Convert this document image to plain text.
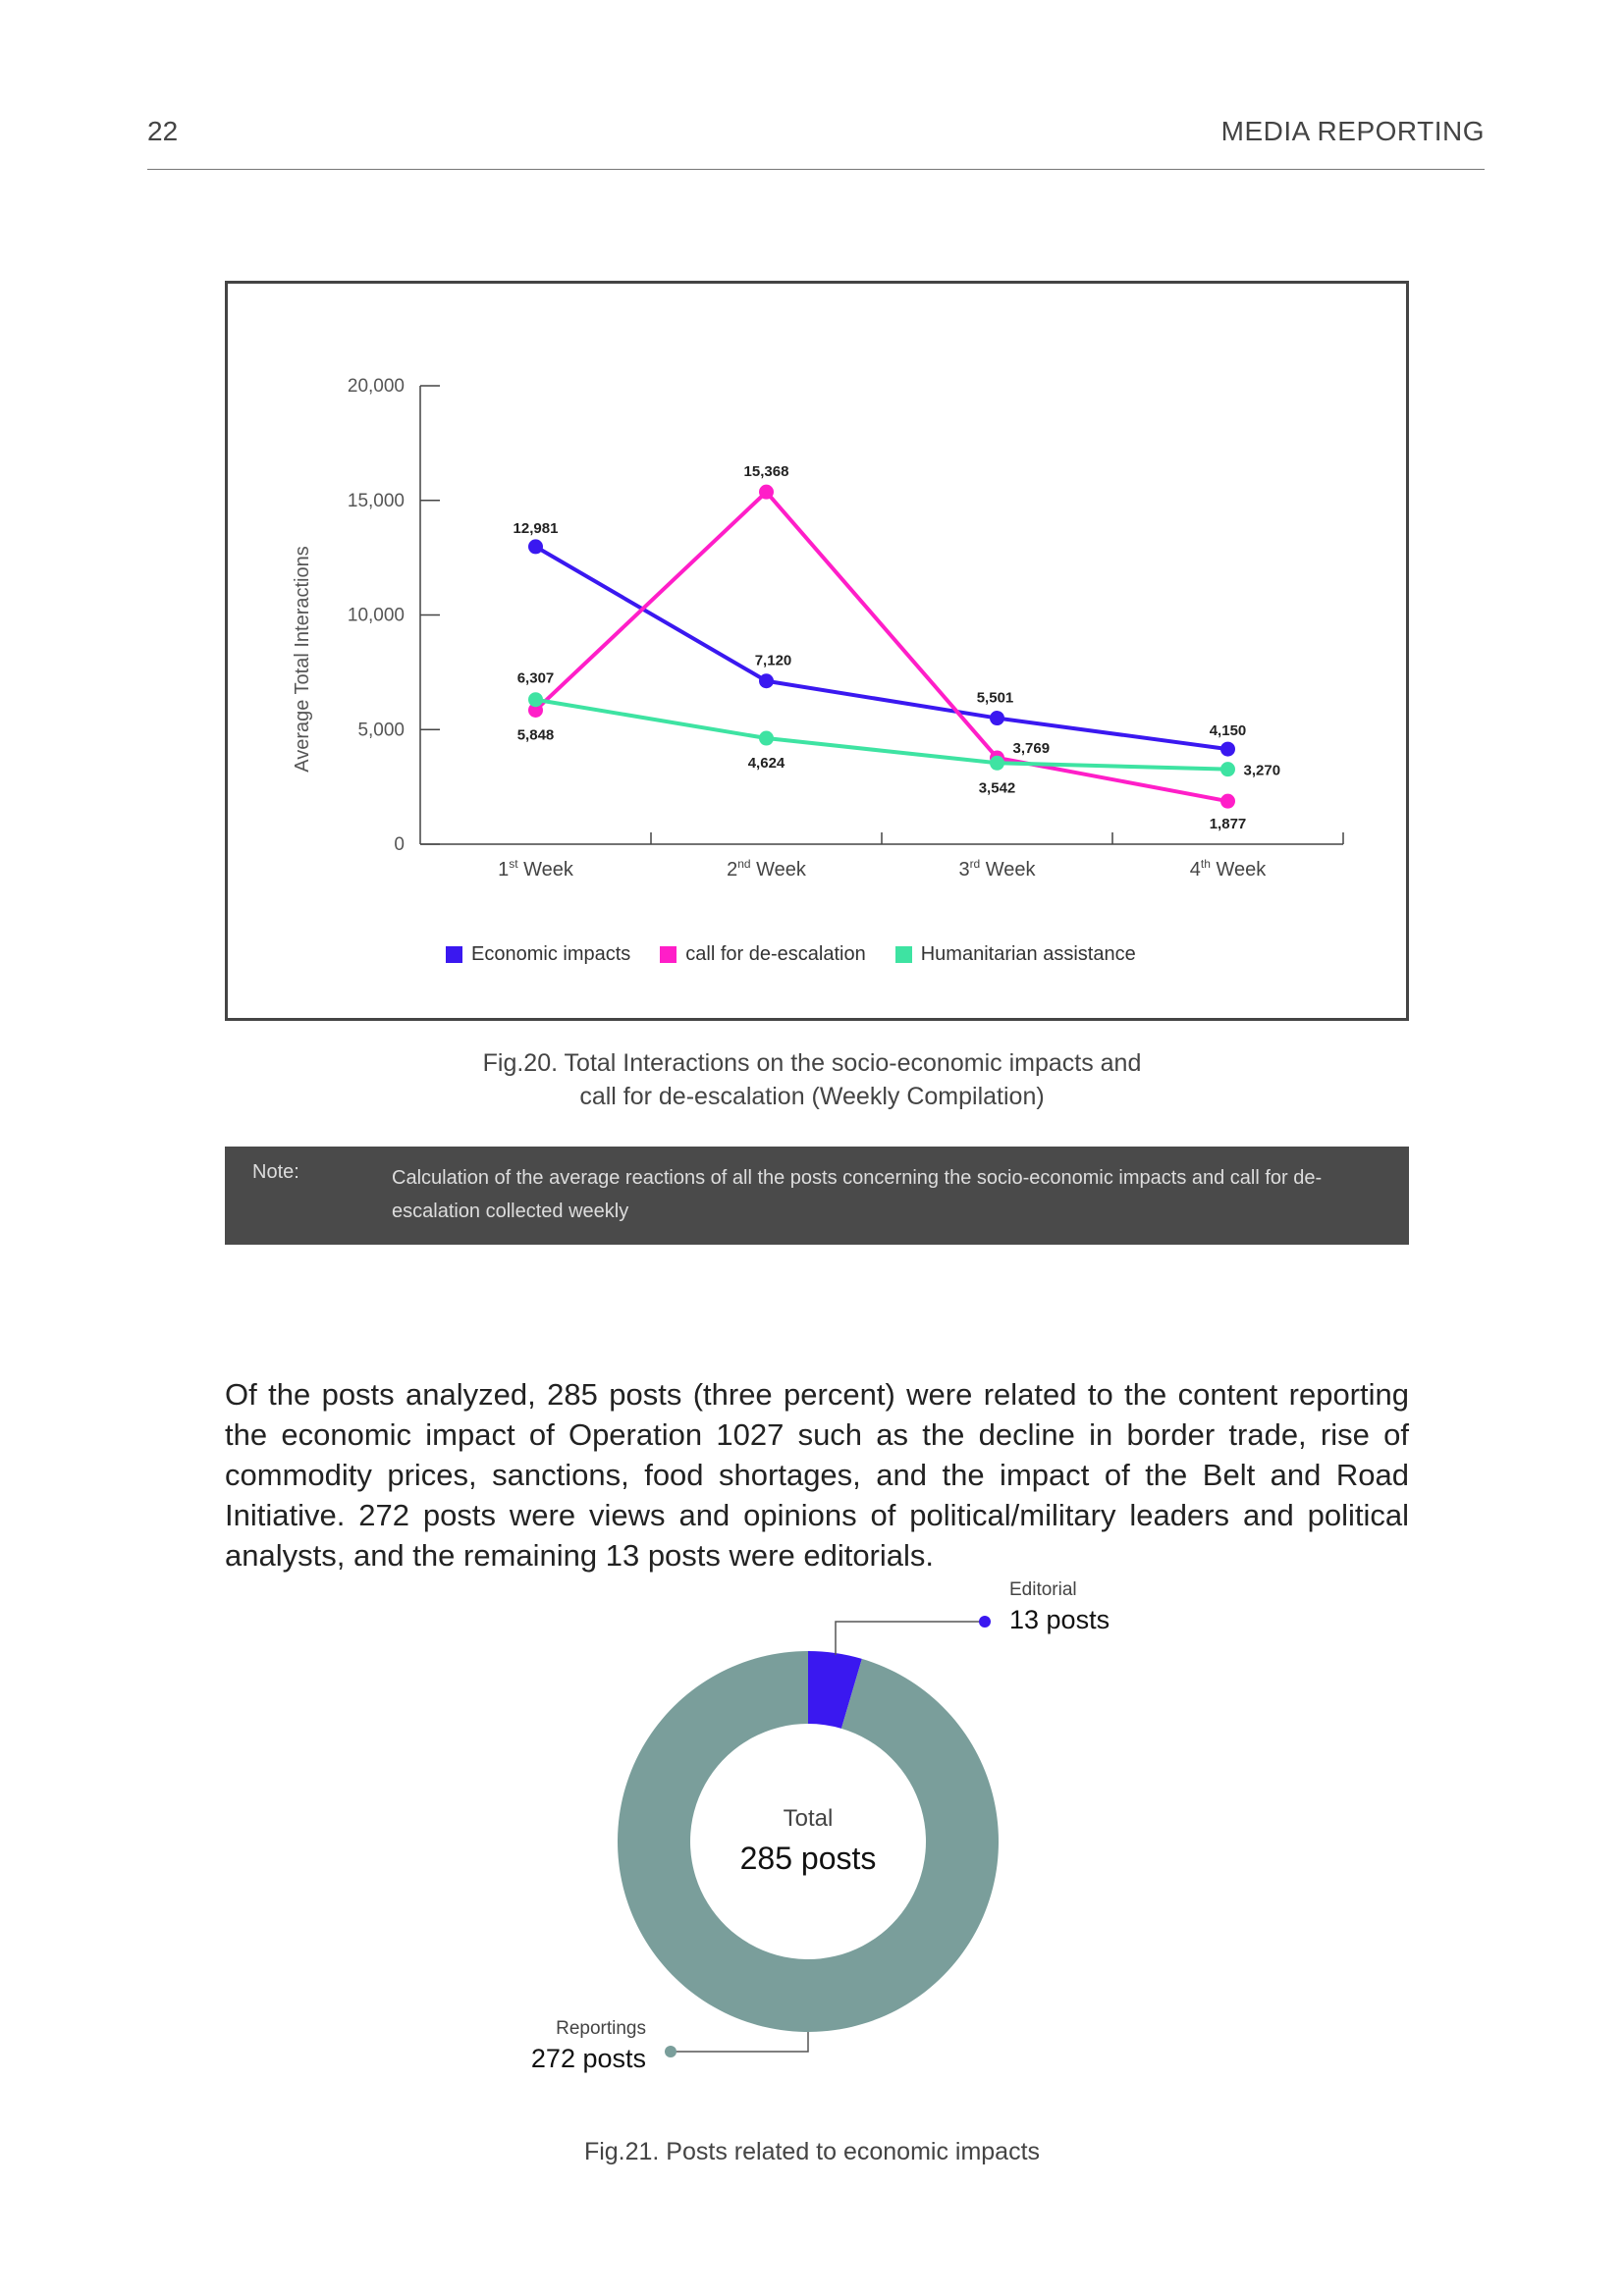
22	MEDIA REPORTING
0
5,000
10,000
15,000
20,000
1st Week	2nd Week	3rd Week	4th Week
Average Total Interactions
12,981
7,120
5,501
4,150
5,848
15,368
3,769
1,877
6,307
4,624
3,542
3,270
Economic impacts	call for de-escalation	Humanitarian assistance
Fig.20. Total Interactions on the socio-economic impacts and
call for de-escalation (Weekly Compilation)
Note:	Calculation of the average reactions of all the posts concerning the socio-economic impacts and call for de-escalation collected weekly

Of the posts analyzed, 285 posts (three percent) were related to the content reporting the economic impact of Operation 1027 such as the decline in border trade, rise of commodity prices, sanctions, food shortages, and the impact of the Belt and Road Initiative. 272 posts were views and opinions of political/military leaders and political analysts, and the remaining 13 posts were editorials.

Total
285 posts
Editorial
13 posts
Reportings
272 posts
Fig.21. Posts related to economic impacts
